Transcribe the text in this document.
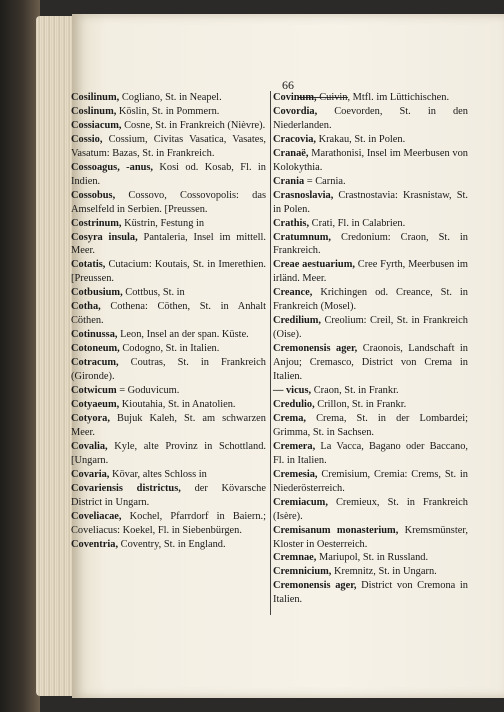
66
Cosilinum, Cogliano, St. in Neapel.
Coslinum, Köslin, St. in Pommern.
Cossiacum, Cosne, St. in Frankreich (Nièvre).
Cossio, Cossium, Civitas Vasatica, Vasates, Vasatum: Bazas, St. in Frankreich.
Cossoagus, -anus, Kosi od. Kosab, Fl. in Indien.
Cossobus, Cossovo, Cossovopolis: das Amselfeld in Serbien. [Preussen.
Costrinum, Küstrin, Festung in
Cosyra insula, Pantaleria, Insel im mittell. Meer.
Cotatis, Cutacium: Koutais, St. in Imerethien. [Preussen.
Cotbusium, Cottbus, St. in
Cotha, Cothena: Cöthen, St. in Anhalt Cöthen.
Cotinussa, Leon, Insel an der span. Küste.
Cotoneum, Codogno, St. in Italien.
Cotracum, Coutras, St. in Frankreich (Gironde).
Cotwicum = Goduvicum.
Cotyaeum, Kioutahia, St. in Anatolien.
Cotyora, Bujuk Kaleh, St. am schwarzen Meer.
Covalia, Kyle, alte Provinz in Schottland. [Ungarn.
Covaria, Kövar, altes Schloss in
Covariensis districtus, der Kövarsche District in Ungarn.
Coveliacae, Kochel, Pfarrdorf in Baiern.; Coveliacus: Koekel, Fl. in Siebenbürgen.
Coventria, Coventry, St. in England.
Covinum, Cuivin, Mtfl. im Lüttichischen.
Covordia, Coevorden, St. in den Niederlanden.
Cracovia, Krakau, St. in Polen.
Cranaë, Marathonisi, Insel im Meerbusen von Kolokythia.
Crania = Carnia.
Crasnoslavia, Crastnostavia: Krasnistaw, St. in Polen.
Crathis, Crati, Fl. in Calabrien.
Cratumnum, Credonium: Craon, St. in Frankreich.
Creae aestuarium, Cree Fyrth, Meerbusen im irländ. Meer.
Creance, Krichingen od. Creance, St. in Frankreich (Mosel).
Credilium, Creolium: Creil, St. in Frankreich (Oise).
Cremonensis ager, Craonois, Landschaft in Anjou; Cremasco, District von Crema in Italien.
— vicus, Craon, St. in Frankr.
Credulio, Crillon, St. in Frankr.
Crema, Crema, St. in der Lombardei; Grimma, St. in Sachsen.
Cremera, La Vacca, Bagano oder Baccano, Fl. in Italien.
Cremesia, Cremisium, Cremia: Crems, St. in Niederösterreich.
Cremiacum, Cremieux, St. in Frankreich (Isère).
Cremisanum monasterium, Kremsmünster, Kloster in Oesterreich.
Cremnae, Mariupol, St. in Russland.
Cremnicium, Kremnitz, St. in Ungarn.
Cremonensis ager, District von Cremona in Italien.
